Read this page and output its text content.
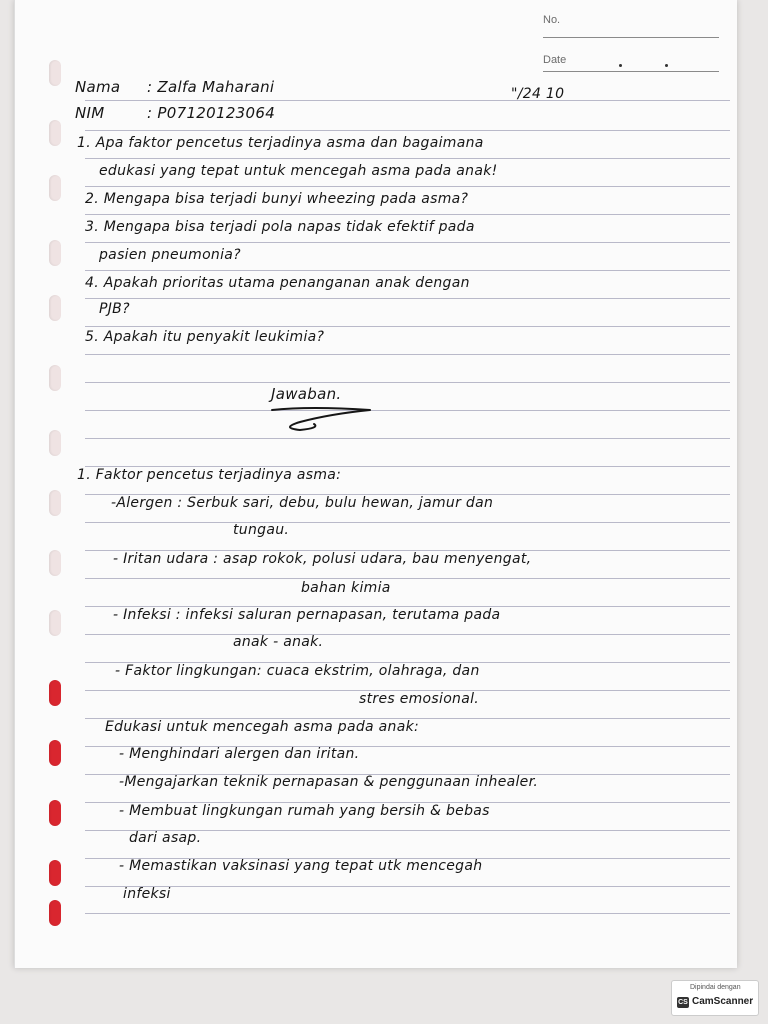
No.
Date
Nama : Zalfa Maharani
NIM	: P07120123064
"/24 10
1. Apa faktor pencetus terjadinya asma dan bagaimana
edukasi yang tepat untuk mencegah asma pada anak!
2. Mengapa bisa terjadi bunyi wheezing pada asma?
3. Mengapa bisa terjadi pola napas tidak efektif pada
pasien pneumonia?
4. Apakah prioritas utama penanganan anak dengan
PJB?
5. Apakah itu penyakit leukimia?
Jawaban.
1. Faktor pencetus terjadinya asma:
-Alergen : Serbuk sari, debu, bulu hewan, jamur dan
tungau.
- Iritan udara : asap rokok, polusi udara, bau menyengat,
bahan kimia
- Infeksi : infeksi saluran pernapasan, terutama pada
anak - anak.
- Faktor lingkungan: cuaca ekstrim, olahraga, dan
stres emosional.
Edukasi untuk mencegah asma pada anak:
- Menghindari alergen dan iritan.
-Mengajarkan teknik pernapasan & penggunaan inhealer.
- Membuat lingkungan rumah yang bersih & bebas
dari asap.
- Memastikan vaksinasi yang tepat utk mencegah
infeksi
Dipindai dengan
CS CamScanner
